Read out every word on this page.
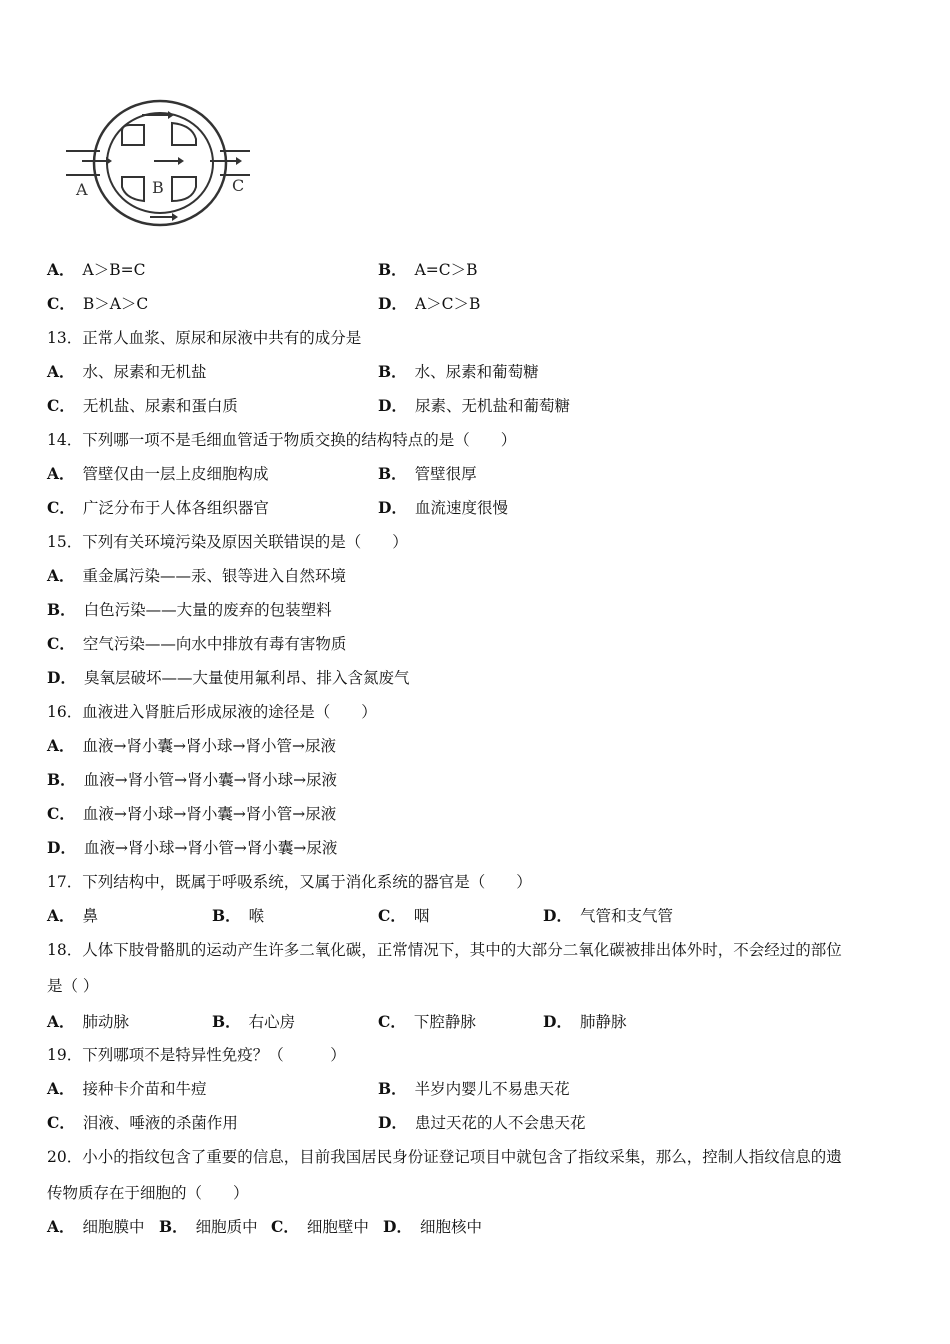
A	B	C
A． A＞B=C	B． A=C＞B
C． B＞A＞C	D． A＞C＞B
13．正常人血浆、原尿和尿液中共有的成分是
A． 水、尿素和无机盐	B． 水、尿素和葡萄糖
C． 无机盐、尿素和蛋白质	D． 尿素、无机盐和葡萄糖
14．下列哪一项不是毛细血管适于物质交换的结构特点的是（　　）
A． 管壁仅由一层上皮细胞构成	B． 管壁很厚
C． 广泛分布于人体各组织器官	D． 血流速度很慢
15．下列有关环境污染及原因关联错误的是（　　）
A． 重金属污染——汞、银等进入自然环境
B． 白色污染——大量的废弃的包装塑料
C． 空气污染——向水中排放有毒有害物质
D． 臭氧层破坏——大量使用氟利昂、排入含氮废气
16．血液进入肾脏后形成尿液的途径是（　　）
A． 血液→肾小囊→肾小球→肾小管→尿液
B． 血液→肾小管→肾小囊→肾小球→尿液
C． 血液→肾小球→肾小囊→肾小管→尿液
D． 血液→肾小球→肾小管→肾小囊→尿液
17．下列结构中，既属于呼吸系统，又属于消化系统的器官是（　　）
A． 鼻	B． 喉	C． 咽	D． 气管和支气管
18．人体下肢骨骼肌的运动产生许多二氧化碳，正常情况下，其中的大部分二氧化碳被排出体外时，不会经过的部位
是（ ）
A． 肺动脉	B． 右心房	C． 下腔静脉	D． 肺静脉
19．下列哪项不是特异性免疫？（　　　）
A． 接种卡介苗和牛痘	B． 半岁内婴儿不易患天花
C． 泪液、唾液的杀菌作用	D． 患过天花的人不会患天花
20．小小的指纹包含了重要的信息，目前我国居民身份证登记项目中就包含了指纹采集，那么，控制人指纹信息的遗
传物质存在于细胞的（　　）
A． 细胞膜中 B． 细胞质中 C． 细胞壁中 D． 细胞核中
